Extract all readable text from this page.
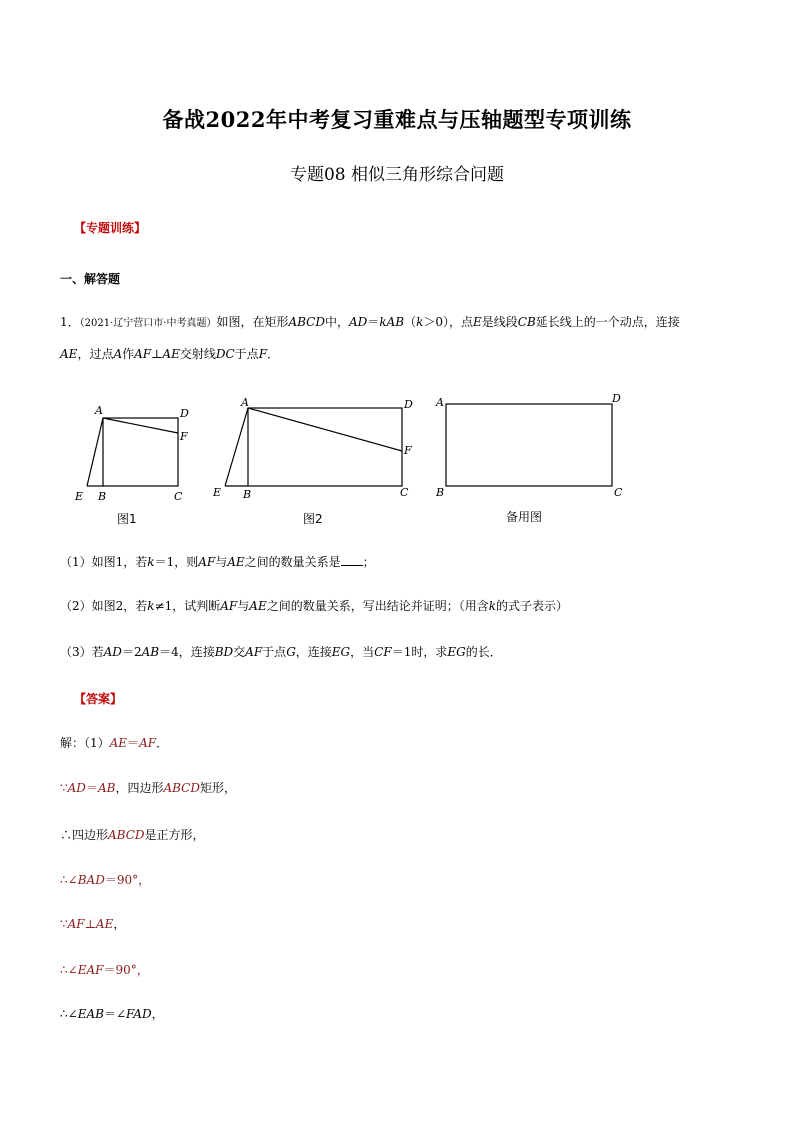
备战2022年中考复习重难点与压轴题型专项训练
专题08 相似三角形综合问题
【专题训练】
一、解答题
1．（2021·辽宁营口市·中考真题）如图，在矩形ABCD中，AD＝kAB（k＞0），点E是线段CB延长线上的一个动点，连接
AE，过点A作AF⊥AE交射线DC于点F．
A	D
F
E B	C
A	D
F
E B	C
A	D
B	C
图1	图2	备用图
（1）如图1，若k＝1，则AF与AE之间的数量关系是 ；
（2）如图2，若k≠1，试判断AF与AE之间的数量关系，写出结论并证明；（用含k的式子表示）
（3）若AD＝2AB＝4，连接BD交AF于点G，连接EG，当CF＝1时，求EG的长．
【答案】
解：（1）AE＝AF．
∵AD＝AB，四边形ABCD矩形，
∴四边形ABCD是正方形，
∴∠BAD＝90°，
∵AF⊥AE，
∴∠EAF＝90°，
∴∠EAB＝∠FAD，
